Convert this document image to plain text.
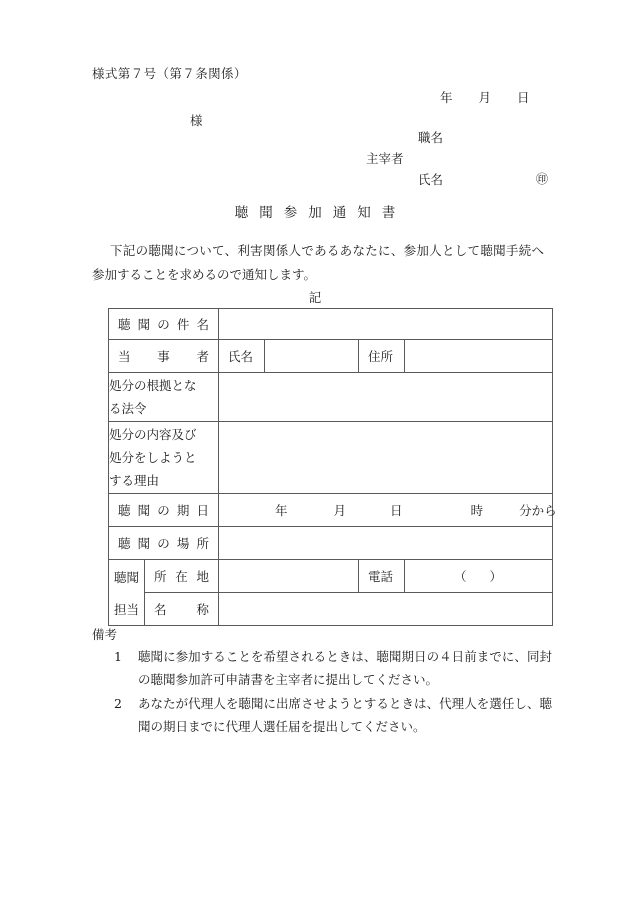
様式第７号（第７条関係）
年 月 日
様
職名
主宰者
氏名	㊞
聴聞参加通知書
下記の聴聞について、利害関係人であるあなたに、参加人として聴聞手続へ参加することを求めるので通知します。
記
聴聞の件名					

当事者		氏名		住所	

処分の根拠とな
る法令					

処分の内容及び
処分をしようと
する理由					

聴聞の期日		年 月 日 時 分から			

聴聞の場所					

聴聞
担当	所在地			電話	（ ）

	名称				

備考
1 聴聞に参加することを希望されるときは、聴聞期日の４日前までに、同封の聴聞参加許可申請書を主宰者に提出してください。
2 あなたが代理人を聴聞に出席させようとするときは、代理人を選任し、聴聞の期日までに代理人選任届を提出してください。
